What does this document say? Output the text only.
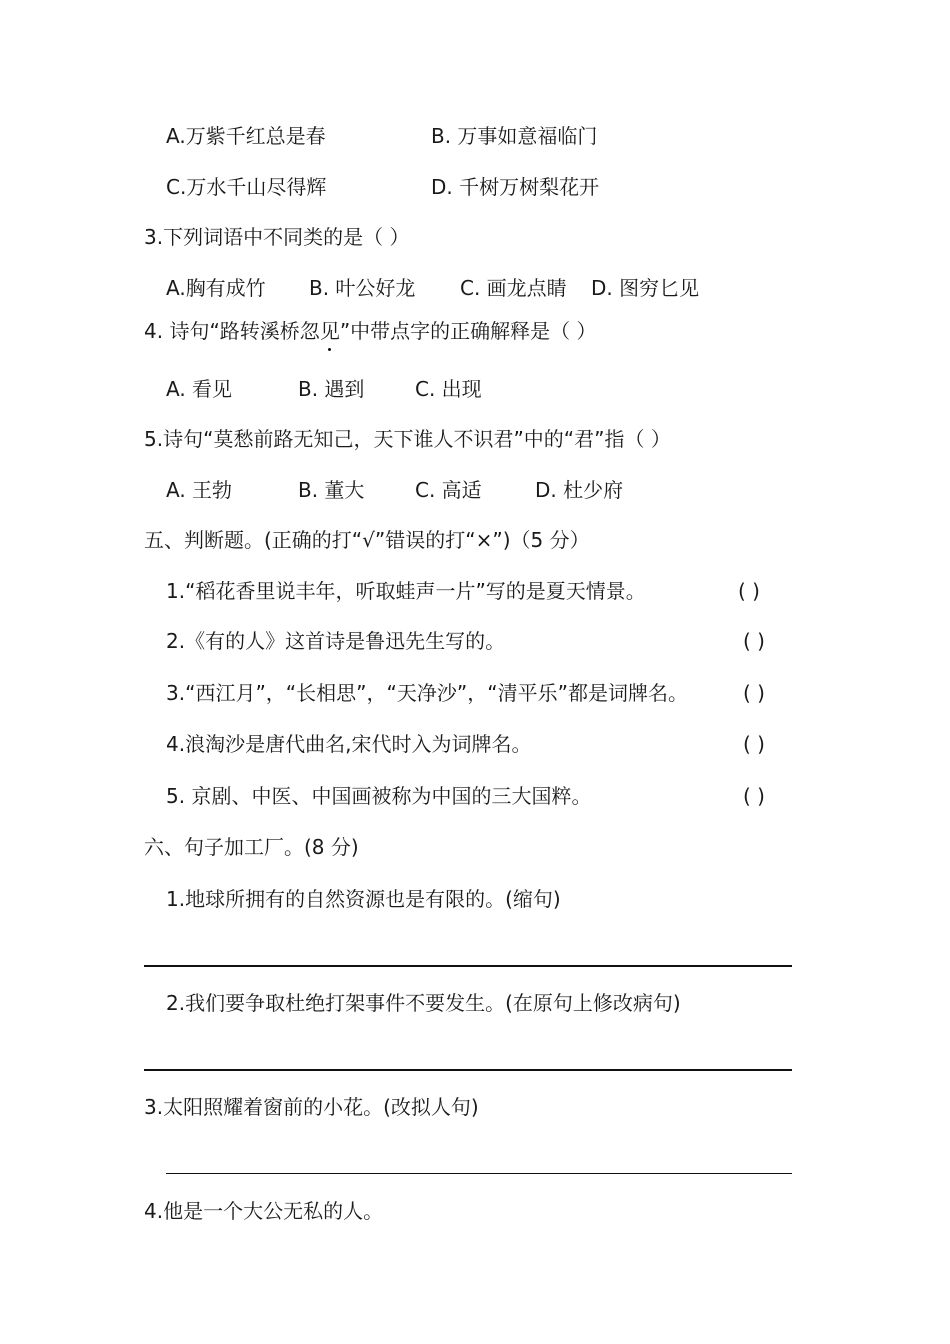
A.万紫千红总是春	B. 万事如意福临门
C.万水千山尽得辉	D. 千树万树梨花开
3.下列词语中不同类的是（ ）
A.胸有成竹 B. 叶公好龙 C. 画龙点睛 D. 图穷匕见
4. 诗句“路转溪桥忽见”中带点字的正确解释是（ ）
A. 看见	B. 遇到	C. 出现
5.诗句“莫愁前路无知己，天下谁人不识君”中的“君”指（ ）
A. 王勃	B. 董大	C. 高适	D. 杜少府
五、判断题。(正确的打“√”错误的打“×”)（5 分）
1.“稻花香里说丰年，听取蛙声一片”写的是夏天情景。	( )
2.《有的人》这首诗是鲁迅先生写的。	( )
3.“西江月”，“长相思”，“天净沙”，“清平乐”都是词牌名。	( )
4.浪淘沙是唐代曲名,宋代时入为词牌名。	( )
5. 京剧、中医、中国画被称为中国的三大国粹。	( )
六、句子加工厂。(8 分)
1.地球所拥有的自然资源也是有限的。(缩句)
2.我们要争取杜绝打架事件不要发生。(在原句上修改病句)
3.太阳照耀着窗前的小花。(改拟人句)
4.他是一个大公无私的人。
